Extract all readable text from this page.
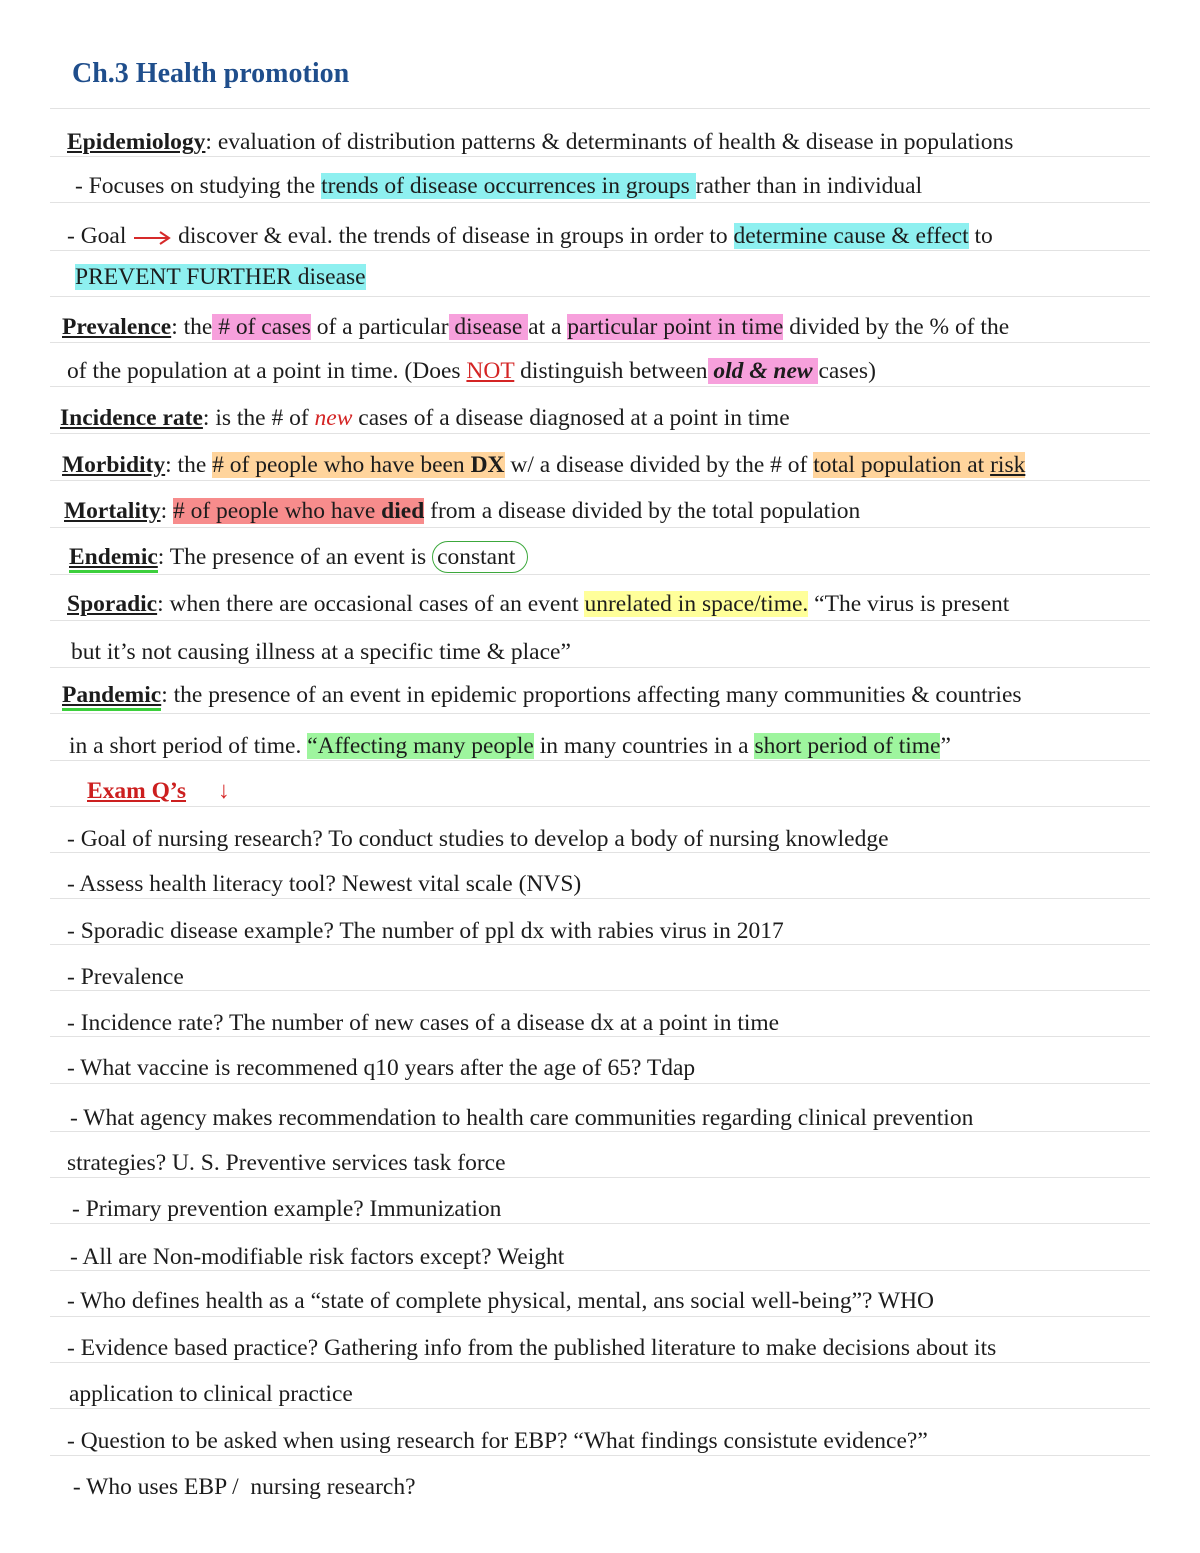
Ch.3 Health promotion
Epidemiology: evaluation of distribution patterns & determinants of health & disease in populations
- Focuses on studying the trends of disease occurrences in groups rather than in individual
- Goal  discover & eval. the trends of disease in groups in order to determine cause & effect to
PREVENT FURTHER disease
Prevalence: the # of cases of a particular disease at a particular point in time divided by the % of the
of the population at a point in time. (Does NOT distinguish between old & new cases)
Incidence rate: is the # of new cases of a disease diagnosed at a point in time
Morbidity: the # of people who have been DX w/ a disease divided by the # of total population at risk
Mortality: # of people who have died from a disease divided by the total population
Endemic: The presence of an event is constant
Sporadic: when there are occasional cases of an event unrelated in space/time. “The virus is present
but it’s not causing illness at a specific time & place”
Pandemic: the presence of an event in epidemic proportions affecting many communities & countries
in a short period of time. “Affecting many people in many countries in a short period of time”
Exam Q’s ↓
- Goal of nursing research? To conduct studies to develop a body of nursing knowledge
- Assess health literacy tool? Newest vital scale (NVS)
- Sporadic disease example? The number of ppl dx with rabies virus in 2017
- Prevalence
- Incidence rate? The number of new cases of a disease dx at a point in time
- What vaccine is recommened q10 years after the age of 65? Tdap
- What agency makes recommendation to health care communities regarding clinical prevention
strategies? U. S. Preventive services task force
- Primary prevention example? Immunization
- All are Non-modifiable risk factors except? Weight
- Who defines health as a “state of complete physical, mental, ans social well-being”? WHO
- Evidence based practice? Gathering info from the published literature to make decisions about its
application to clinical practice
- Question to be asked when using research for EBP? “What findings consistute evidence?”
- Who uses EBP /  nursing research?
